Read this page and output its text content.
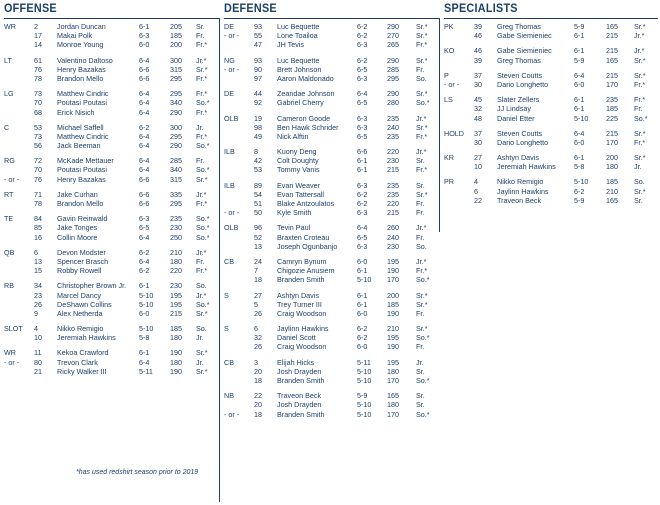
OFFENSE
WR	2	Jordan Duncan	6-1	205 Sr.
17 Makai Polk	6-3	185 Fr.
14 Monroe Young	6-0	200 Fr.*
LT	61 Valentino Daltoso	6-4	300 Jr.*
76 Henry Bazakas	6-6	315 Sr.*
78 Brandon Mello	6-6	295 Fr.*
LG	73 Matthew Cindric	6-4	295 Fr.*
70 Poutasi Poutasi	6-4	340 So.*
68 Erick Nisich	6-4	290 Fr.*
C	53 Michael Saffell	6-2	300 Jr.
73 Matthew Cindric	6-4	295 Fr.*
56 Jack Beeman	6-4	290 So.*
RG	72 McKade Mettauer	6-4	285 Fr.
70 Poutasi Poutasi	6-4	340 So.*
- or - 76 Henry Bazakas	6-6	315 Sr.*
RT	71 Jake Curhan	6-6	335 Jr.*
78 Brandon Mello	6-6	295 Fr.*
TE	84 Gavin Reinwald	6-3	235 So.*
85 Jake Tonges	6-5	230 So.*
16 Collin Moore	6-4	250 So.*
QB	6	Devon Modster	6-2	210 Jr.*
13 Spencer Brasch	6-4	180 Fr.
15 Robby Rowell	6-2	220 Fr.*
RB	34 Christopher Brown Jr. 6-1	230 So.
23 Marcel Dancy	5-10 195 Jr.*
26 DeShawn Collins	5-10 195 So.*
9	Alex Netherda	6-0	215 Sr.*
SLOT 4	Nikko Remigio	5-10 185 So.
10 Jeremiah Hawkins	5-8	180 Jr.
WR	11 Kekoa Crawford	6-1	190 Sr.*
- or - 80 Trevon Clark	6-4	180 Jr.
21 Ricky Walker III	5-11 190 Sr.*
DEFENSE
DE	93 Luc Bequette	6-2	290 Sr.*
- or - 55 Lone Toailoa	6-2	270 Sr.*
47 JH Tevis	6-3	265 Fr.*
NG	93 Luc Bequette	6-2	290 Sr.*
- or - 90 Brett Johnson	6-5	285 Fr.
97 Aaron Maldonado	6-3	295 So.
DE	44 Zeandae Johnson	6-4	290 Sr.*
92 Gabriel Cherry	6-5	280 So.*
OLB 19 Cameron Goode	6-3	235 Jr.*
98 Ben Hawk Schrider	6-3	240 Sr.*
49 Nick Alftin	6-5	235 Fr.*
ILB	8	Kuony Deng	6-6	220 Jr.*
42 Colt Doughty	6-1	230 Sr.
53 Tommy Vanis	6-1	215 Fr.*
ILB	89 Evan Weaver	6-3	235 Sr.
54 Evan Tattersall	6-2	235 Sr.*
51 Blake Antzoulatos	6-2	220 Fr.
- or - 50 Kyle Smith	6-3	215 Fr.
OLB 96 Tevin Paul	6-4	260 Jr.*
52 Braxten Croteau	6-5	240 Fr.
13 Joseph Ogunbanjo	6-3	230 So.
CB	24 Camryn Bynum	6-0	195 Jr.*
7	Chigozie Anusiem	6-1	190 Fr.*
18 Branden Smith	5-10 170 So.*
S	27 Ashtyn Davis	6-1	200 Sr.*
5	Trey Turner III	6-1	185 Sr.*
26 Craig Woodson	6-0	190 Fr.
S	6	Jaylinn Hawkins	6-2	210 Sr.*
32 Daniel Scott	6-2	195 So.*
26 Craig Woodson	6-0	190 Fr.
CB	3	Elijah Hicks	5-11 195 Jr.
20 Josh Drayden	5-10 180 Sr.
18 Branden Smith	5-10 170 So.*
NB	22 Traveon Beck	5-9	165 Sr.
20 Josh Drayden	5-10 180 Sr.
- or - 18 Branden Smith	5-10 170 So.*
SPECIALISTS
PK	39 Greg Thomas	5-9	165 Sr.*
46 Gabe Siemieniec	6-1	215 Jr.*
KO	46 Gabe Siemieniec	6-1	215 Jr.*
39 Greg Thomas	5-9	165 Sr.*
P	37 Steven Coutts	6-4	215 Sr.*
- or - 30 Dario Longhetto	6-0	170 Fr.*
LS	45 Slater Zellers	6-1	235 Fr.*
32 JJ Lindsay	6-1	185 Fr.
48 Daniel Etter	5-10 225 So.*
HOLD 37 Steven Coutts	6-4	215 Sr.*
30 Dario Longhetto	6-0	170 Fr.*
KR	27 Ashtyn Davis	6-1	200 Sr.*
10 Jeremiah Hawkins	5-8	180 Jr.
PR	4	Nikko Remigio	5-10 185 So.
6	Jaylinn Hawkins	6-2	210 Sr.*
22 Traveon Beck	5-9	165 Sr.
*has used redshirt season prior to 2019
